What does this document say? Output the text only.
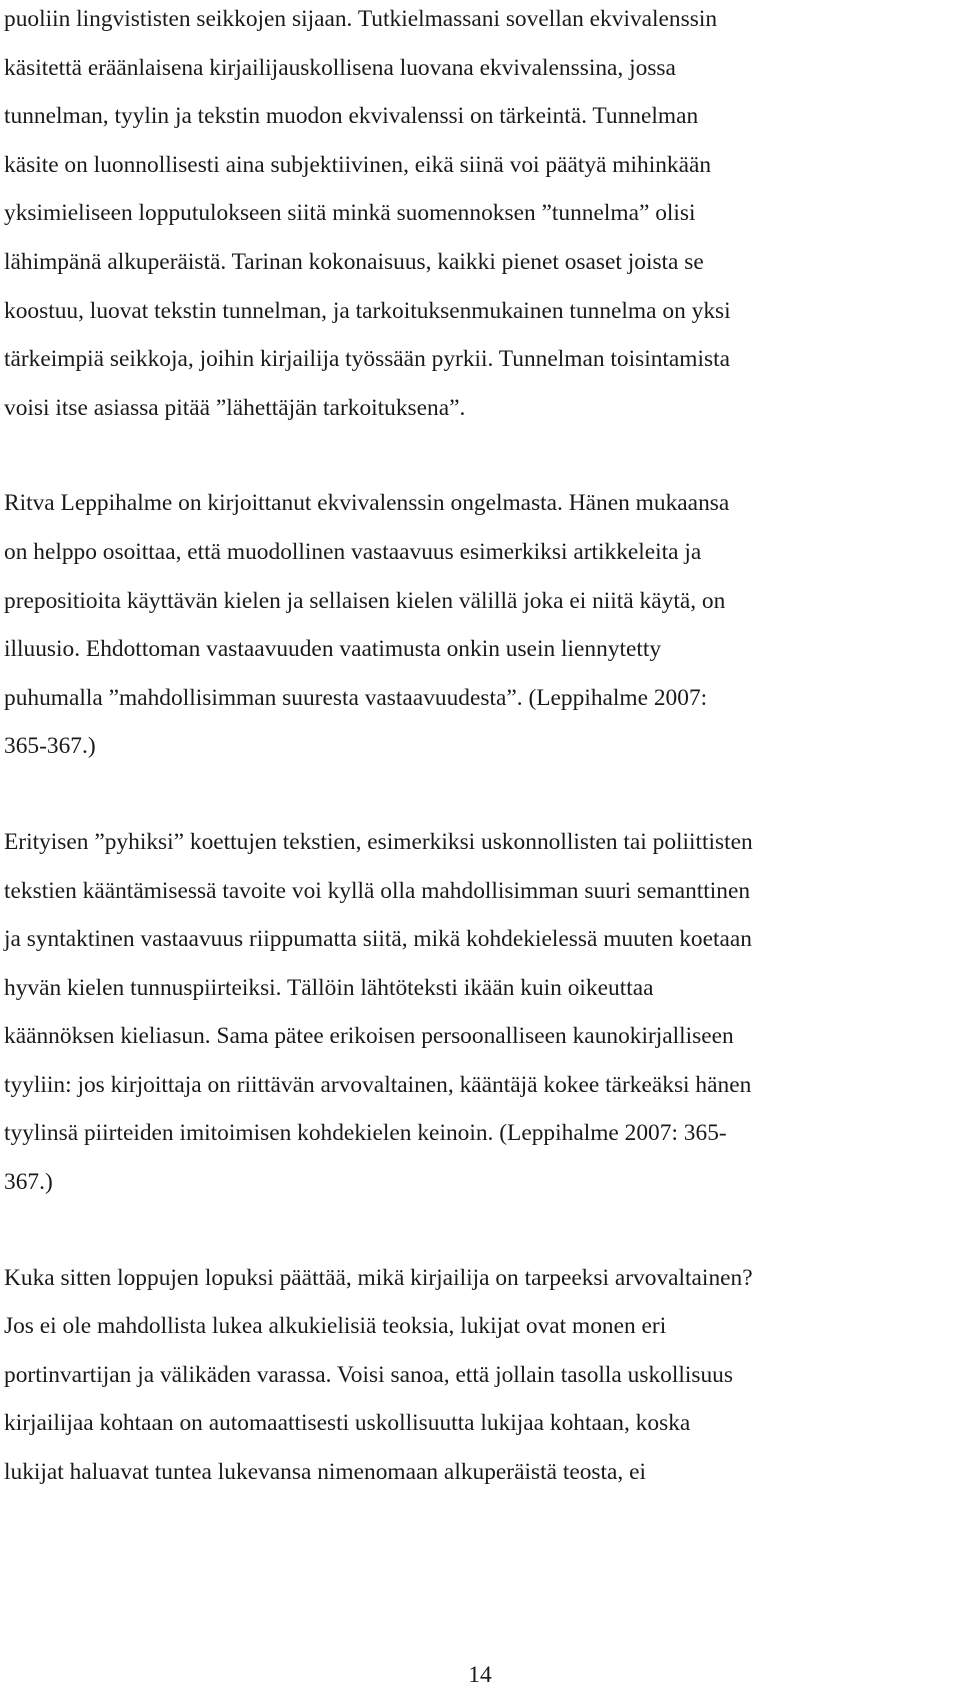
puoliin lingvististen seikkojen sijaan. Tutkielmassani sovellan ekvivalenssin
käsitettä eräänlaisena kirjailijauskollisena luovana ekvivalenssina, jossa
tunnelman, tyylin ja tekstin muodon ekvivalenssi on tärkeintä. Tunnelman
käsite on luonnollisesti aina subjektiivinen, eikä siinä voi päätyä mihinkään
yksimieliseen lopputulokseen siitä minkä suomennoksen ”tunnelma” olisi
lähimpänä alkuperäistä. Tarinan kokonaisuus, kaikki pienet osaset joista se
koostuu, luovat tekstin tunnelman, ja tarkoituksenmukainen tunnelma on yksi
tärkeimpiä seikkoja, joihin kirjailija työssään pyrkii. Tunnelman toisintamista
voisi itse asiassa pitää ”lähettäjän tarkoituksena”.
Ritva Leppihalme on kirjoittanut ekvivalenssin ongelmasta. Hänen mukaansa
on helppo osoittaa, että muodollinen vastaavuus esimerkiksi artikkeleita ja
prepositioita käyttävän kielen ja sellaisen kielen välillä joka ei niitä käytä, on
illuusio. Ehdottoman vastaavuuden vaatimusta onkin usein liennytetty
puhumalla ”mahdollisimman suuresta vastaavuudesta”. (Leppihalme 2007:
365-367.)
Erityisen ”pyhiksi” koettujen tekstien, esimerkiksi uskonnollisten tai poliittisten
tekstien kääntämisessä tavoite voi kyllä olla mahdollisimman suuri semanttinen
ja syntaktinen vastaavuus riippumatta siitä, mikä kohdekielessä muuten koetaan
hyvän kielen tunnuspiirteiksi. Tällöin lähtöteksti ikään kuin oikeuttaa
käännöksen kieliasun. Sama pätee erikoisen persoonalliseen kaunokirjalliseen
tyyliin: jos kirjoittaja on riittävän arvovaltainen, kääntäjä kokee tärkeäksi hänen
tyylinsä piirteiden imitoimisen kohdekielen keinoin. (Leppihalme 2007: 365-
367.)
Kuka sitten loppujen lopuksi päättää, mikä kirjailija on tarpeeksi arvovaltainen?
Jos ei ole mahdollista lukea alkukielisiä teoksia, lukijat ovat monen eri
portinvartijan ja välikäden varassa. Voisi sanoa, että jollain tasolla uskollisuus
kirjailijaa kohtaan on automaattisesti uskollisuutta lukijaa kohtaan, koska
lukijat haluavat tuntea lukevansa nimenomaan alkuperäistä teosta, ei
14
